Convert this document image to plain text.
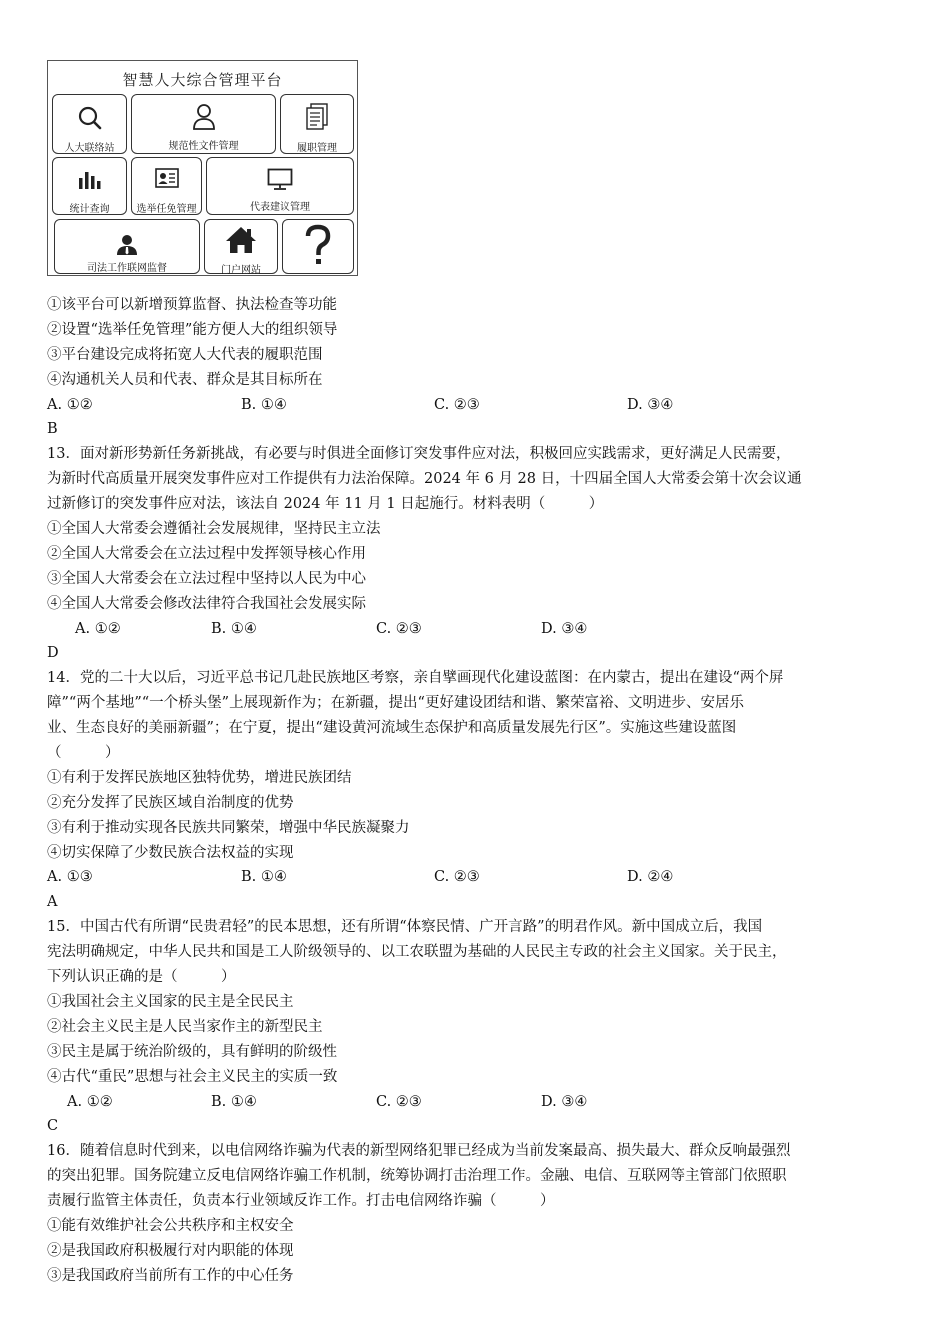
智慧人大综合管理平台
人大联络站	规范性文件管理	履职管理
统计查询	选举任免管理	代表建议管理
司法工作联网监督	门户网站
①该平台可以新增预算监督、执法检查等功能
②设置“选举任免管理”能方便人大的组织领导
③平台建设完成将拓宽人大代表的履职范围
④沟通机关人员和代表、群众是其目标所在
A. ①②	B. ①④	C. ②③	D. ③④
B
13．面对新形势新任务新挑战，有必要与时俱进全面修订突发事件应对法，积极回应实践需求，更好满足人民需要，
为新时代高质量开展突发事件应对工作提供有力法治保障。2024 年 6 月 28 日，十四届全国人大常委会第十次会议通
过新修订的突发事件应对法，该法自 2024 年 11 月 1 日起施行。材料表明（　　　）
①全国人大常委会遵循社会发展规律，坚持民主立法
②全国人大常委会在立法过程中发挥领导核心作用
③全国人大常委会在立法过程中坚持以人民为中心
④全国人大常委会修改法律符合我国社会发展实际
A. ①②	B. ①④	C. ②③	D. ③④
D
14．党的二十大以后，习近平总书记几赴民族地区考察，亲自擘画现代化建设蓝图：在内蒙古，提出在建设“两个屏
障”“两个基地”“一个桥头堡”上展现新作为；在新疆，提出“更好建设团结和谐、繁荣富裕、文明进步、安居乐
业、生态良好的美丽新疆”；在宁夏，提出“建设黄河流域生态保护和高质量发展先行区”。实施这些建设蓝图
（　　　）
①有利于发挥民族地区独特优势，增进民族团结
②充分发挥了民族区域自治制度的优势
③有利于推动实现各民族共同繁荣，增强中华民族凝聚力
④切实保障了少数民族合法权益的实现
A. ①③	B. ①④	C. ②③	D. ②④
A
15．中国古代有所谓“民贵君轻”的民本思想，还有所谓“体察民情、广开言路”的明君作风。新中国成立后，我国
宪法明确规定，中华人民共和国是工人阶级领导的、以工农联盟为基础的人民民主专政的社会主义国家。关于民主，
下列认识正确的是（　　　）
①我国社会主义国家的民主是全民民主
②社会主义民主是人民当家作主的新型民主
③民主是属于统治阶级的，具有鲜明的阶级性
④古代“重民”思想与社会主义民主的实质一致
A. ①②	B. ①④	C. ②③	D. ③④
C
16．随着信息时代到来，以电信网络诈骗为代表的新型网络犯罪已经成为当前发案最高、损失最大、群众反响最强烈
的突出犯罪。国务院建立反电信网络诈骗工作机制，统筹协调打击治理工作。金融、电信、互联网等主管部门依照职
责履行监管主体责任，负责本行业领域反诈工作。打击电信网络诈骗（　　　）
①能有效维护社会公共秩序和主权安全
②是我国政府积极履行对内职能的体现
③是我国政府当前所有工作的中心任务
